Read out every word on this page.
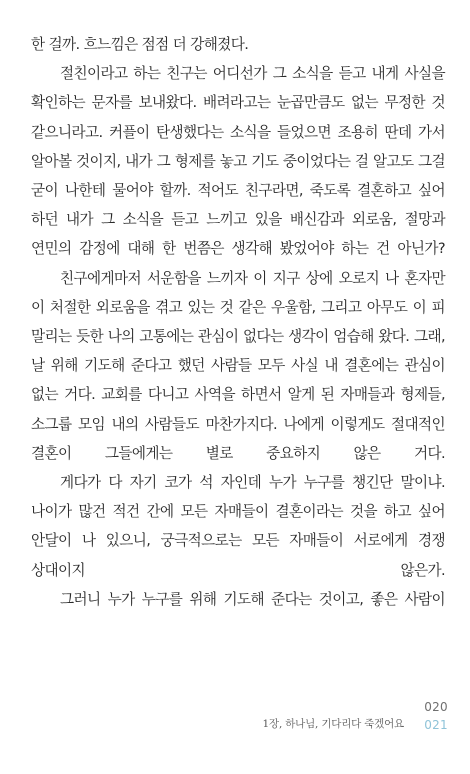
한 걸까. 흐느낌은 점점 더 강해졌다.

절친이라고 하는 친구는 어디선가 그 소식을 듣고 내게 사실을 확인하는 문자를 보내왔다. 배려라고는 눈곱만큼도 없는 무정한 것 같으니라고. 커플이 탄생했다는 소식을 들었으면 조용히 딴데 가서 알아볼 것이지, 내가 그 형제를 놓고 기도 중이었다는 걸 알고도 그걸 굳이 나한테 물어야 할까. 적어도 친구라면, 죽도록 결혼하고 싶어 하던 내가 그 소식을 듣고 느끼고 있을 배신감과 외로움, 절망과 연민의 감정에 대해 한 번쯤은 생각해 봤었어야 하는 건 아닌가?

친구에게마저 서운함을 느끼자 이 지구 상에 오로지 나 혼자만 이 처절한 외로움을 겪고 있는 것 같은 우울함, 그리고 아무도 이 피 말리는 듯한 나의 고통에는 관심이 없다는 생각이 엄습해 왔다. 그래, 날 위해 기도해 준다고 했던 사람들 모두 사실 내 결혼에는 관심이 없는 거다. 교회를 다니고 사역을 하면서 알게 된 자매들과 형제들, 소그룹 모임 내의 사람들도 마찬가지다. 나에게 이렇게도 절대적인 결혼이 그들에게는 별로 중요하지 않은 거다.

게다가 다 자기 코가 석 자인데 누가 누구를 챙긴단 말이냐. 나이가 많건 적건 간에 모든 자매들이 결혼이라는 것을 하고 싶어 안달이 나 있으니, 궁극적으로는 모든 자매들이 서로에게 경쟁 상대이지 않은가.

그러니 누가 누구를 위해 기도해 준다는 것이고, 좋은 사람이

020
021
1장, 하나님, 기다리다 죽겠어요
